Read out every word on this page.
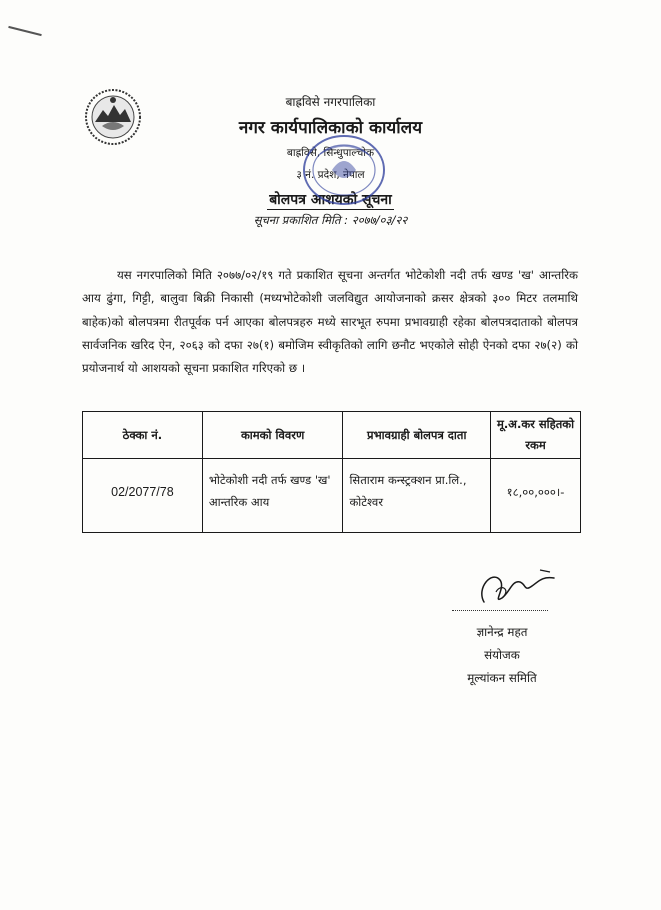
बाह्रविसे नगरपालिका
नगर कार्यपालिकाको कार्यालय
बाह्रविसे, सिन्धुपाल्चोक
३ नं. प्रदेश, नेपाल
बोलपत्र आशयको सूचना
सूचना प्रकाशित मिति : २०७७/०३/२२

यस नगरपालिको मिति २०७७/०२/१९ गते प्रकाशित सूचना अन्तर्गत भोटेकोशी नदी तर्फ खण्ड 'ख' आन्तरिक आय ढुंगा, गिट्टी, बालुवा बिक्री निकासी (मध्यभोटेकोशी जलविद्युत आयोजनाको क्रसर क्षेत्रको ३०० मिटर तलमाथि बाहेक)को बोलपत्रमा रीतपूर्वक पर्न आएका बोलपत्रहरु मध्ये सारभूत रुपमा प्रभावग्राही रहेका बोलपत्रदाताको बोलपत्र सार्वजनिक खरिद ऐन, २०६३ को दफा २७(१) बमोजिम स्वीकृतिको लागि छनौट भएकोले सोही ऐनको दफा २७(२) को प्रयोजनार्थ यो आशयको सूचना प्रकाशित गरिएको छ ।

ठेक्का नं.	कामको विवरण	प्रभावग्राही बोलपत्र दाता	मू.अ.कर सहितको रकम
02/2077/78	भोटेकोशी नदी तर्फ खण्ड 'ख' आन्तरिक आय	सिताराम कन्स्ट्रक्शन प्रा.लि., कोटेश्वर	१८,००,०००।-
ज्ञानेन्द्र महत
संयोजक
मूल्यांकन समिति
